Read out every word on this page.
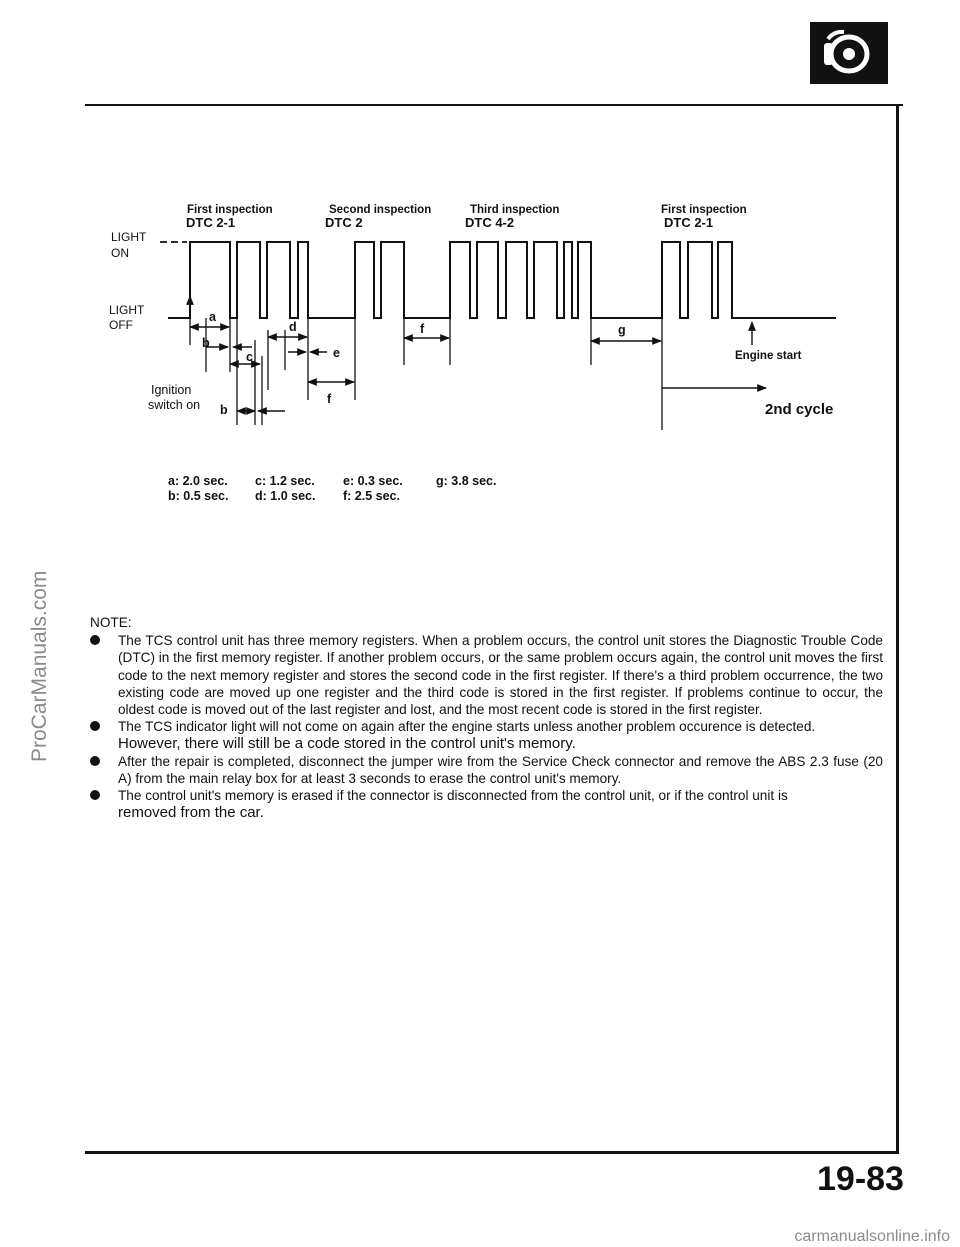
LIGHT ON
LIGHT OFF
Ignition switch on
First inspection
DTC 2-1
Second inspection
DTC 2
Third inspection
DTC 4-2
First inspection
DTC 2-1
a
b
c
d
e
f
f	g
b
Engine start
2nd cycle
a: 2.0 sec.	c: 1.2 sec.	e: 0.3 sec.	g: 3.8 sec.
b: 0.5 sec.	d: 1.0 sec.	f: 2.5 sec.
NOTE:
The TCS control unit has three memory registers. When a problem occurs, the control unit stores the Diagnostic Trouble Code (DTC) in the first memory register. If another problem occurs, or the same problem occurs again, the control unit moves the first code to the next memory register and stores the second code in the first register. If there's a third problem occurrence, the two existing code are moved up one register and the third code is stored in the first register. If problems continue to occur, the oldest code is moved out of the last register and lost, and the most recent code is stored in the first register.
The TCS indicator light will not come on again after the engine starts unless another problem occurence is detected.
However, there will still be a code stored in the control unit's memory.
After the repair is completed, disconnect the jumper wire from the Service Check connector and remove the ABS 2.3 fuse (20 A) from the main relay box for at least 3 seconds to erase the control unit's memory.
The control unit's memory is erased if the connector is disconnected from the control unit, or if the control unit is
removed from the car.
ProCarManuals.com
19-83
carmanualsonline.info
